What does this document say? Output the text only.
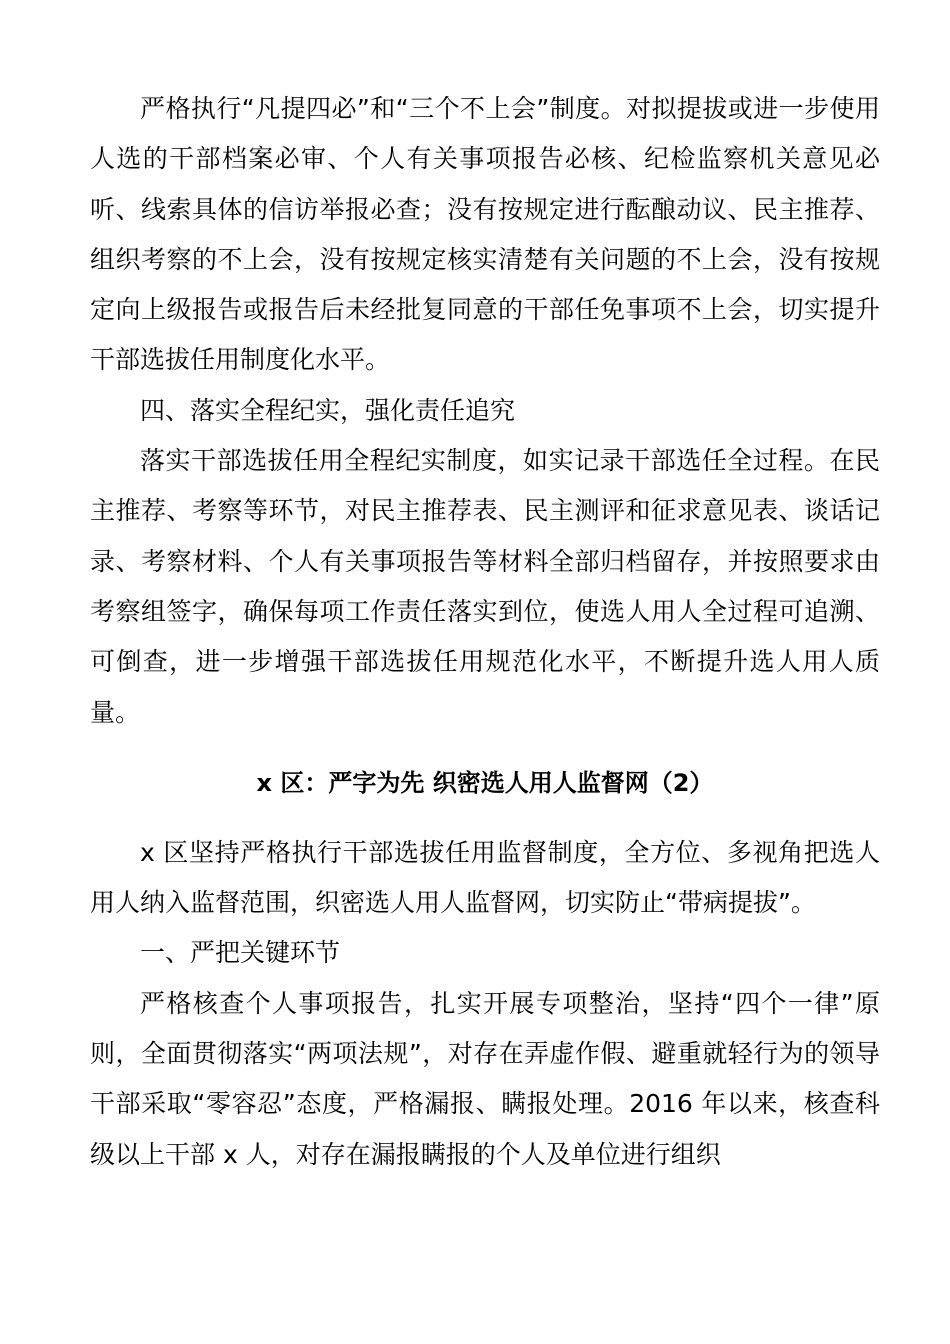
严格执行“凡提四必”和“三个不上会”制度。对拟提拔或进一步使用人选的干部档案必审、个人有关事项报告必核、纪检监察机关意见必听、线索具体的信访举报必查；没有按规定进行酝酿动议、民主推荐、组织考察的不上会，没有按规定核实清楚有关问题的不上会，没有按规定向上级报告或报告后未经批复同意的干部任免事项不上会，切实提升干部选拔任用制度化水平。

四、落实全程纪实，强化责任追究

落实干部选拔任用全程纪实制度，如实记录干部选任全过程。在民主推荐、考察等环节，对民主推荐表、民主测评和征求意见表、谈话记录、考察材料、个人有关事项报告等材料全部归档留存，并按照要求由考察组签字，确保每项工作责任落实到位，使选人用人全过程可追溯、可倒查，进一步增强干部选拔任用规范化水平，不断提升选人用人质量。

x 区：严字为先 织密选人用人监督网（2）

x 区坚持严格执行干部选拔任用监督制度，全方位、多视角把选人用人纳入监督范围，织密选人用人监督网，切实防止“带病提拔”。

一、严把关键环节

严格核查个人事项报告，扎实开展专项整治，坚持“四个一律”原则，全面贯彻落实“两项法规”，对存在弄虚作假、避重就轻行为的领导干部采取“零容忍”态度，严格漏报、瞒报处理。2016 年以来，核查科级以上干部 x 人，对存在漏报瞒报的个人及单位进行组织
